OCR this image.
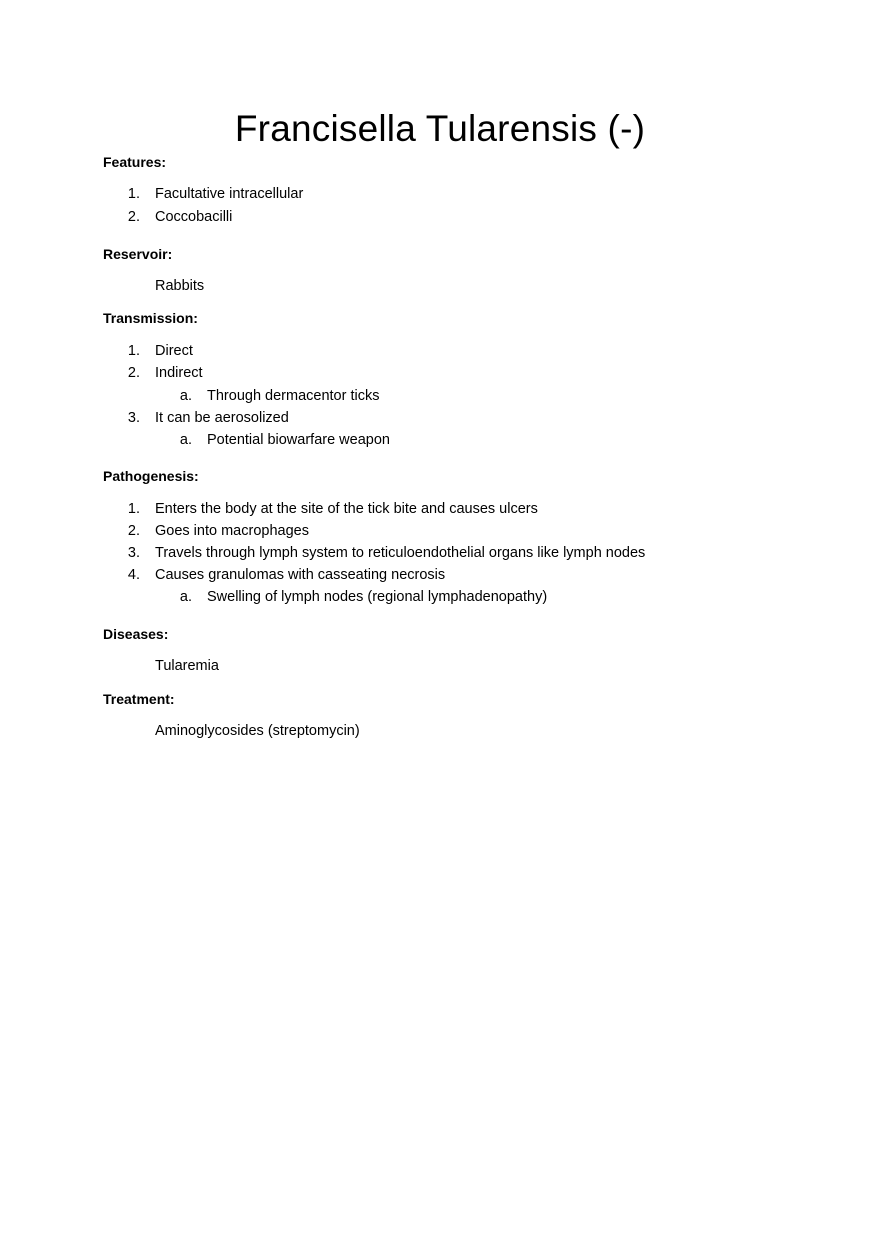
Francisella Tularensis (-)
Features:
1. Facultative intracellular
2. Coccobacilli
Reservoir:
Rabbits
Transmission:
1. Direct
2. Indirect
a. Through dermacentor ticks
3. It can be aerosolized
a. Potential biowarfare weapon
Pathogenesis:
1. Enters the body at the site of the tick bite and causes ulcers
2. Goes into macrophages
3. Travels through lymph system to reticuloendothelial organs like lymph nodes
4. Causes granulomas with casseating necrosis
a. Swelling of lymph nodes (regional lymphadenopathy)
Diseases:
Tularemia
Treatment:
Aminoglycosides (streptomycin)
